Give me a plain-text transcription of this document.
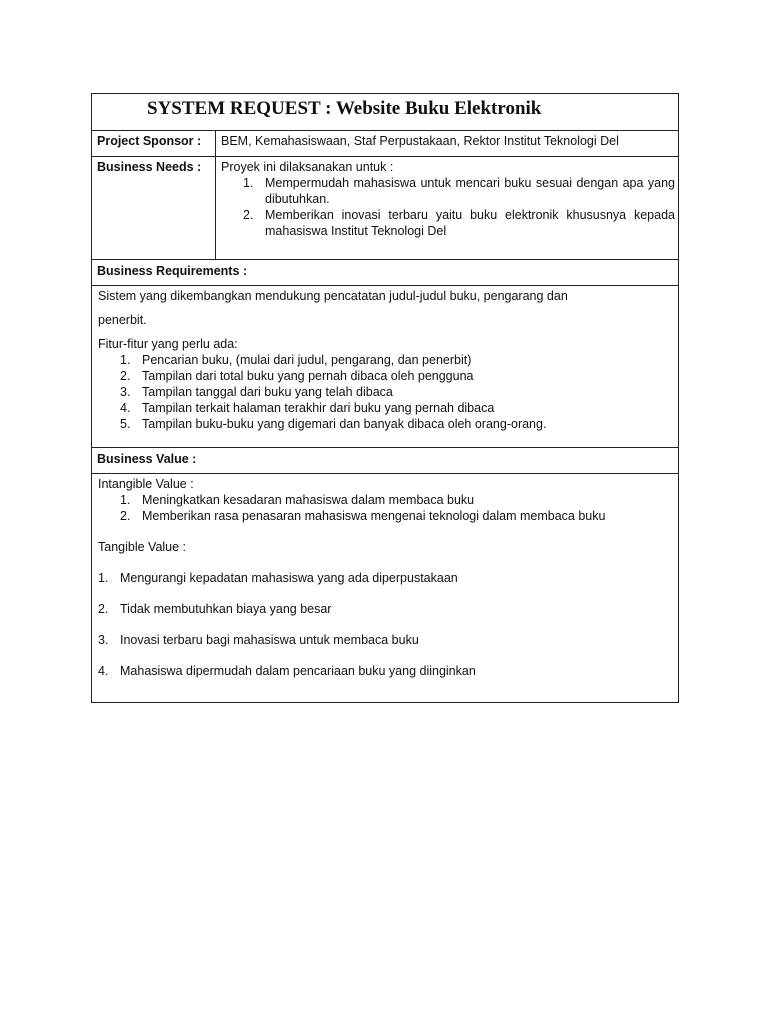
SYSTEM REQUEST : Website Buku Elektronik
Project Sponsor :	BEM, Kemahasiswaan, Staf Perpustakaan, Rektor Institut Teknologi Del
Business Needs :	Proyek ini dilaksanakan untuk :
1. Mempermudah mahasiswa untuk mencari buku sesuai dengan apa yang dibutuhkan.
2. Memberikan inovasi terbaru yaitu buku elektronik khususnya kepada mahasiswa Institut Teknologi Del
Business Requirements :
Sistem yang dikembangkan mendukung pencatatan judul-judul buku, pengarang dan
penerbit.
Fitur-fitur yang perlu ada:
1. Pencarian buku, (mulai dari judul, pengarang, dan penerbit)
2. Tampilan dari total buku yang pernah dibaca oleh pengguna
3. Tampilan tanggal dari buku yang telah dibaca
4. Tampilan terkait halaman terakhir dari buku yang pernah dibaca
5. Tampilan buku-buku yang digemari dan banyak dibaca oleh orang-orang.
Business Value :
Intangible Value :
1. Meningkatkan kesadaran mahasiswa dalam membaca buku
2. Memberikan rasa penasaran mahasiswa mengenai teknologi dalam membaca buku
Tangible Value :
1. Mengurangi kepadatan mahasiswa yang ada diperpustakaan
2. Tidak membutuhkan biaya yang besar
3. Inovasi terbaru bagi mahasiswa untuk membaca buku
4. Mahasiswa dipermudah dalam pencariaan buku yang diinginkan
